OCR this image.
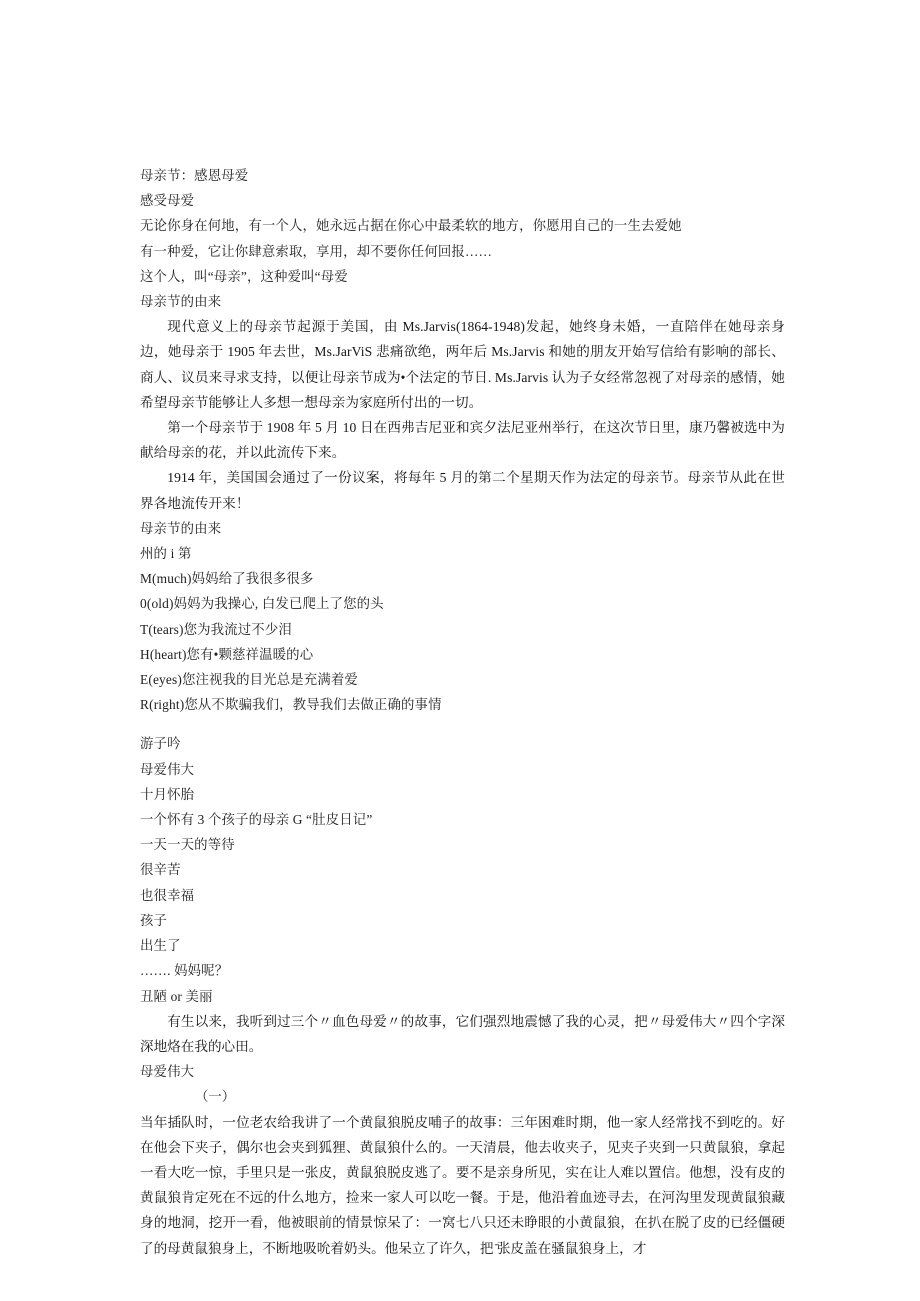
母亲节：感恩母爱
感受母爱
无论你身在何地，有一个人，她永远占据在你心中最柔软的地方，你愿用自己的一生去爱她
有一种爱，它让你肆意索取，享用，却不要你任何回报……
这个人，叫“母亲”，这种爱叫“母爱
母亲节的由来
现代意义上的母亲节起源于美国，由 Ms.Jarvis(1864-1948)发起，她终身未婚，一直陪伴在她母亲身边，她母亲于 1905 年去世，Ms.JarViS 悲痛欲绝，两年后 Ms.Jarvis 和她的朋友开始写信给有影响的部长、商人、议员来寻求支持，以便让母亲节成为•个法定的节日. Ms.Jarvis 认为子女经常忽视了对母亲的感情，她希望母亲节能够让人多想一想母亲为家庭所付出的一切。
第一个母亲节于 1908 年 5 月 10 日在西弗吉尼亚和宾夕法尼亚州举行，在这次节日里，康乃馨被选中为献给母亲的花，并以此流传下来。
1914 年，美国国会通过了一份议案，将每年 5 月的第二个星期天作为法定的母亲节。母亲节从此在世界各地流传开来！
母亲节的由来
州的 i 第
M(much)妈妈给了我很多很多
0(old)妈妈为我操心, 白发已爬上了您的头
T(tears)您为我流过不少泪
H(heart)您有•颗慈祥温暖的心
E(eyes)您注视我的目光总是充满着爱
R(right)您从不欺骗我们，教导我们去做正确的事情
游子吟
母爱伟大
十月怀胎
一个怀有 3 个孩子的母亲 G “肚皮日记”
一天一天的等待
很辛苦
也很幸福
孩子
出生了
……. 妈妈呢？
丑陋 or 美丽
有生以来，我听到过三个〃血色母爱〃的故事，它们强烈地震憾了我的心灵，把〃母爱伟大〃四个字深深地烙在我的心田。
母爱伟大
（一）
当年插队时，一位老农给我讲了一个黄鼠狼脱皮哺子的故事：三年困难时期，他一家人经常找不到吃的。好在他会下夹子，偶尔也会夹到狐狸、黄鼠狼什么的。一天清晨，他去收夹子，见夹子夹到一只黄鼠狼，拿起一看大吃一惊，手里只是一张皮，黄鼠狼脱皮逃了。要不是亲身所见，实在让人难以置信。他想，没有皮的黄鼠狼肯定死在不远的什么地方，捡来一家人可以吃一餐。于是，他沿着血迹寻去，在河沟里发现黄鼠狼藏身的地洞，挖开一看，他被眼前的情景惊呆了：一窝七八只还未睁眼的小黄鼠狼，在扒在脱了皮的已经僵硬了的母黄鼠狼身上，不断地吸吮着奶头。他呆立了许久，把 ̄张皮盖在骚鼠狼身上，才
